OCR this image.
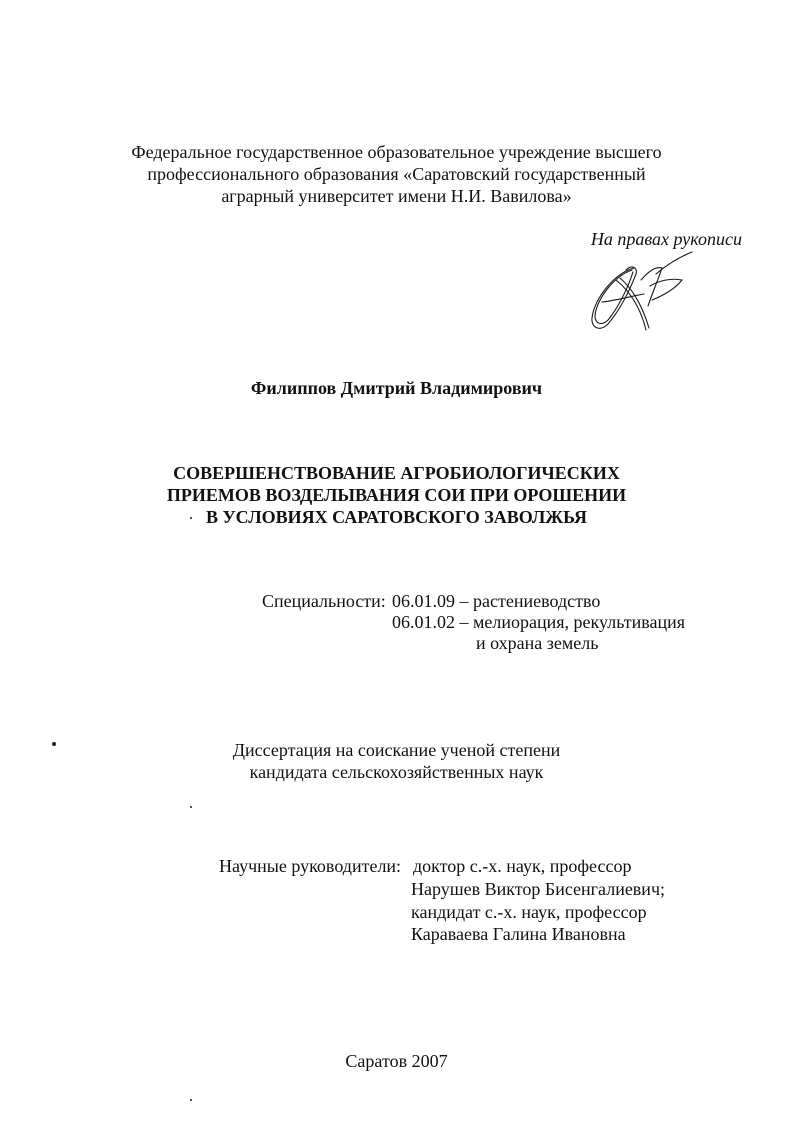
Федеральное государственное образовательное учреждение высшего
профессионального образования «Саратовский государственный
аграрный университет имени Н.И. Вавилова»
На правах рукописи
Филиппов Дмитрий Владимирович
СОВЕРШЕНСТВОВАНИЕ АГРОБИОЛОГИЧЕСКИХ
ПРИЕМОВ ВОЗДЕЛЫВАНИЯ СОИ ПРИ ОРОШЕНИИ
В УСЛОВИЯХ САРАТОВСКОГО ЗАВОЛЖЬЯ
Специальности: 06.01.09 – растениеводство
06.01.02 – мелиорация, рекультивация
и охрана земель
Диссертация на соискание ученой степени
кандидата сельскохозяйственных наук
Научные руководители: доктор с.-х. наук, профессор
Нарушев Виктор Бисенгалиевич;
кандидат с.-х. наук, профессор
Караваева Галина Ивановна
Саратов 2007
